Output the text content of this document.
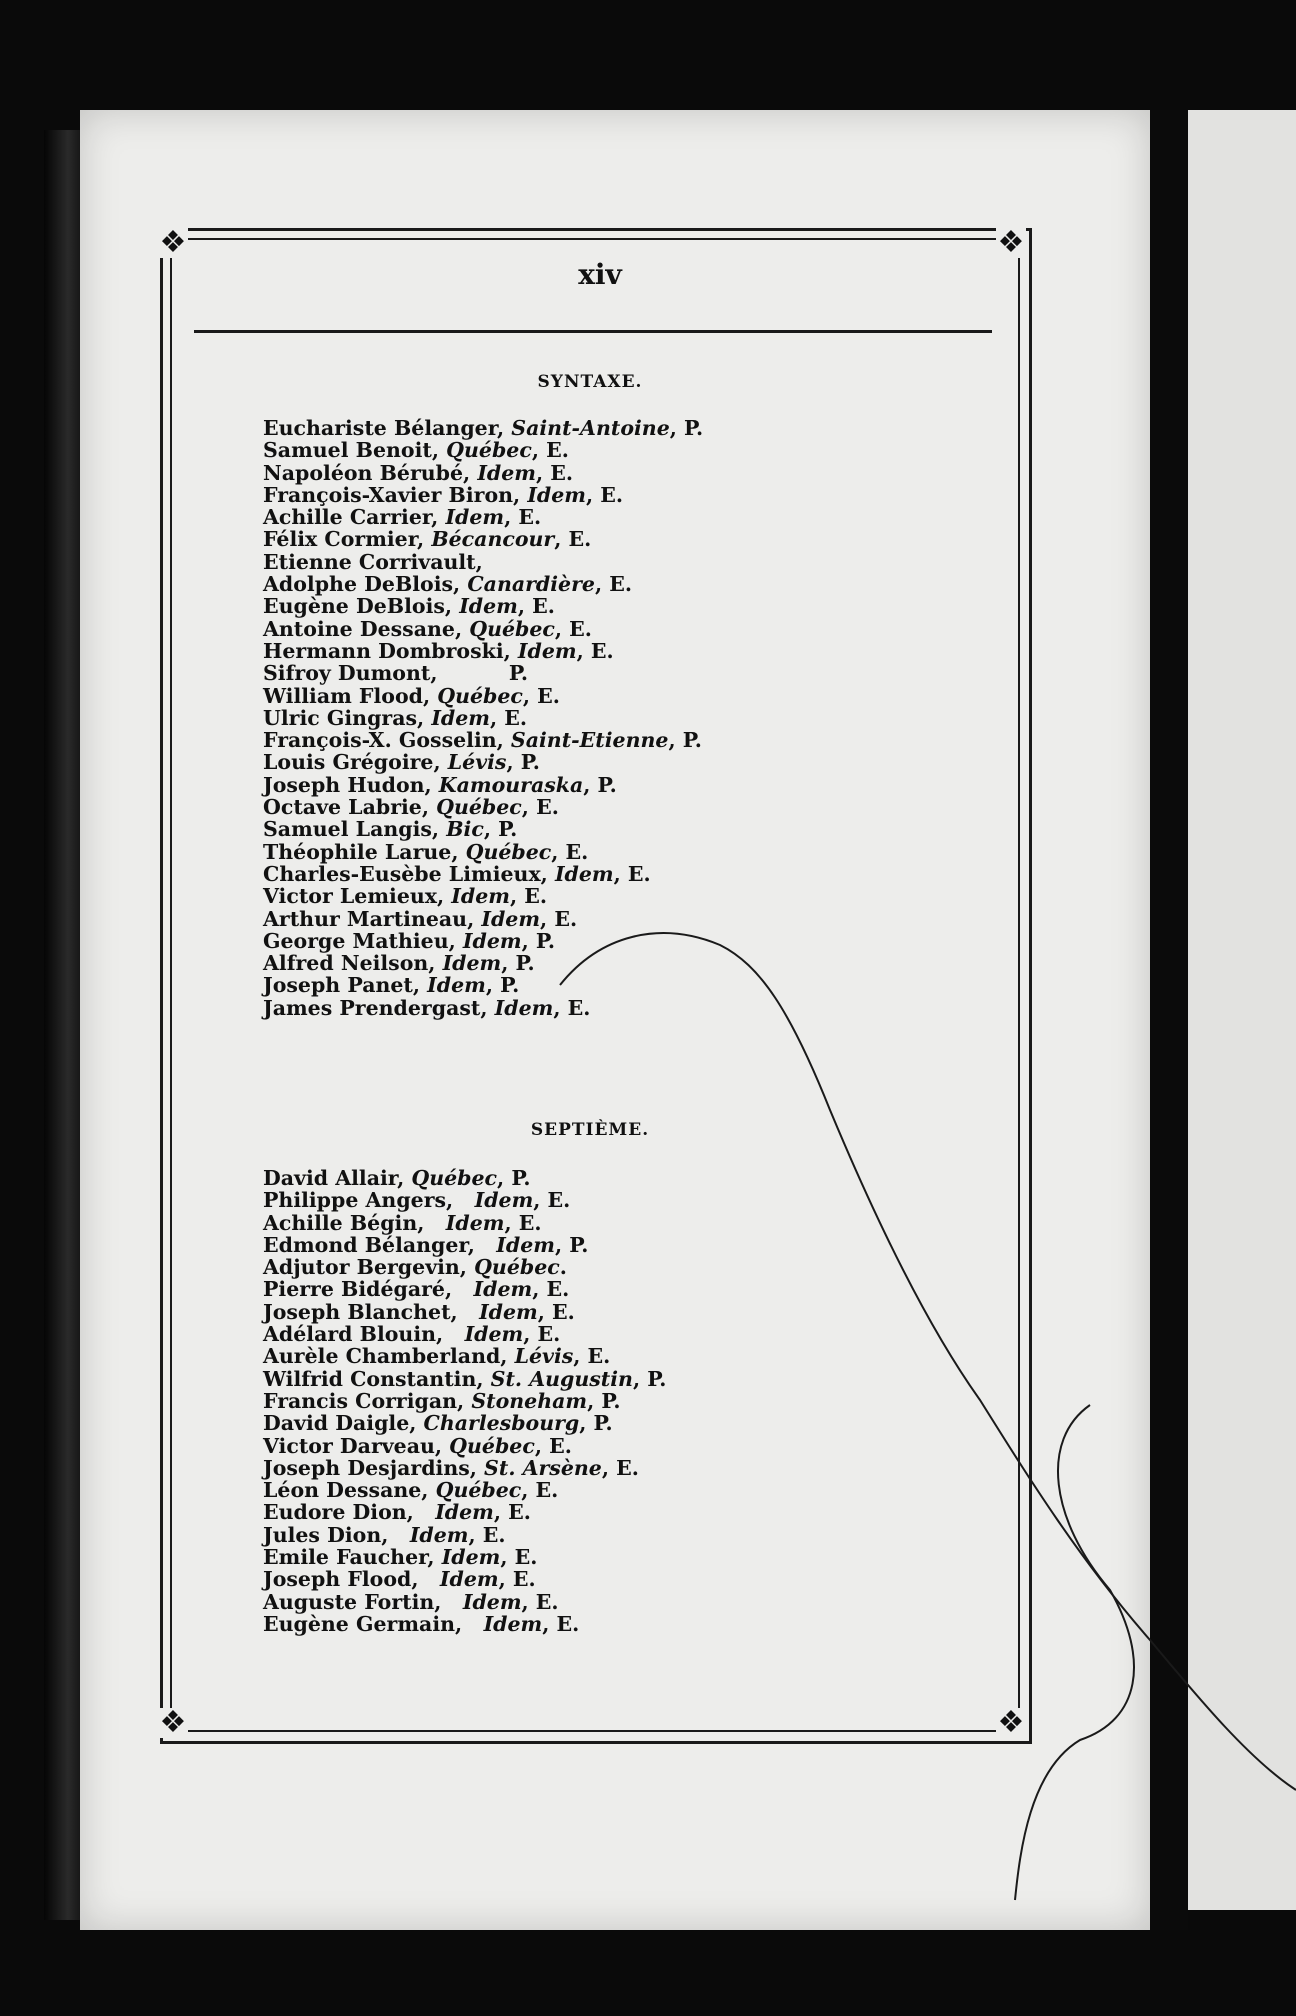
❖	❖
❖	❖
xiv
SYNTAXE.
Euchariste Bélanger, Saint-Antoine, P.
Samuel Benoit, Québec, E.
Napoléon Bérubé, Idem, E.
François-Xavier Biron, Idem, E.
Achille Carrier, Idem, E.
Félix Cormier, Bécancour, E.
Etienne Corrivault,
Adolphe DeBlois, Canardière, E.
Eugène DeBlois, Idem, E.
Antoine Dessane, Québec, E.
Hermann Dombroski, Idem, E.
Sifroy Dumont,          P.
William Flood, Québec, E.
Ulric Gingras, Idem, E.
François-X. Gosselin, Saint-Etienne, P.
Louis Grégoire, Lévis, P.
Joseph Hudon, Kamouraska, P.
Octave Labrie, Québec, E.
Samuel Langis, Bic, P.
Théophile Larue, Québec, E.
Charles-Eusèbe Limieux, Idem, E.
Victor Lemieux, Idem, E.
Arthur Martineau, Idem, E.
George Mathieu, Idem, P.
Alfred Neilson, Idem, P.
Joseph Panet, Idem, P.
James Prendergast, Idem, E.
SEPTIÈME.
David Allair, Québec, P.
Philippe Angers,   Idem, E.
Achille Bégin,   Idem, E.
Edmond Bélanger,   Idem, P.
Adjutor Bergevin, Québec.
Pierre Bidégaré,   Idem, E.
Joseph Blanchet,   Idem, E.
Adélard Blouin,   Idem, E.
Aurèle Chamberland, Lévis, E.
Wilfrid Constantin, St. Augustin, P.
Francis Corrigan, Stoneham, P.
David Daigle, Charlesbourg, P.
Victor Darveau, Québec, E.
Joseph Desjardins, St. Arsène, E.
Léon Dessane, Québec, E.
Eudore Dion,   Idem, E.
Jules Dion,   Idem, E.
Emile Faucher, Idem, E.
Joseph Flood,   Idem, E.
Auguste Fortin,   Idem, E.
Eugène Germain,   Idem, E.
